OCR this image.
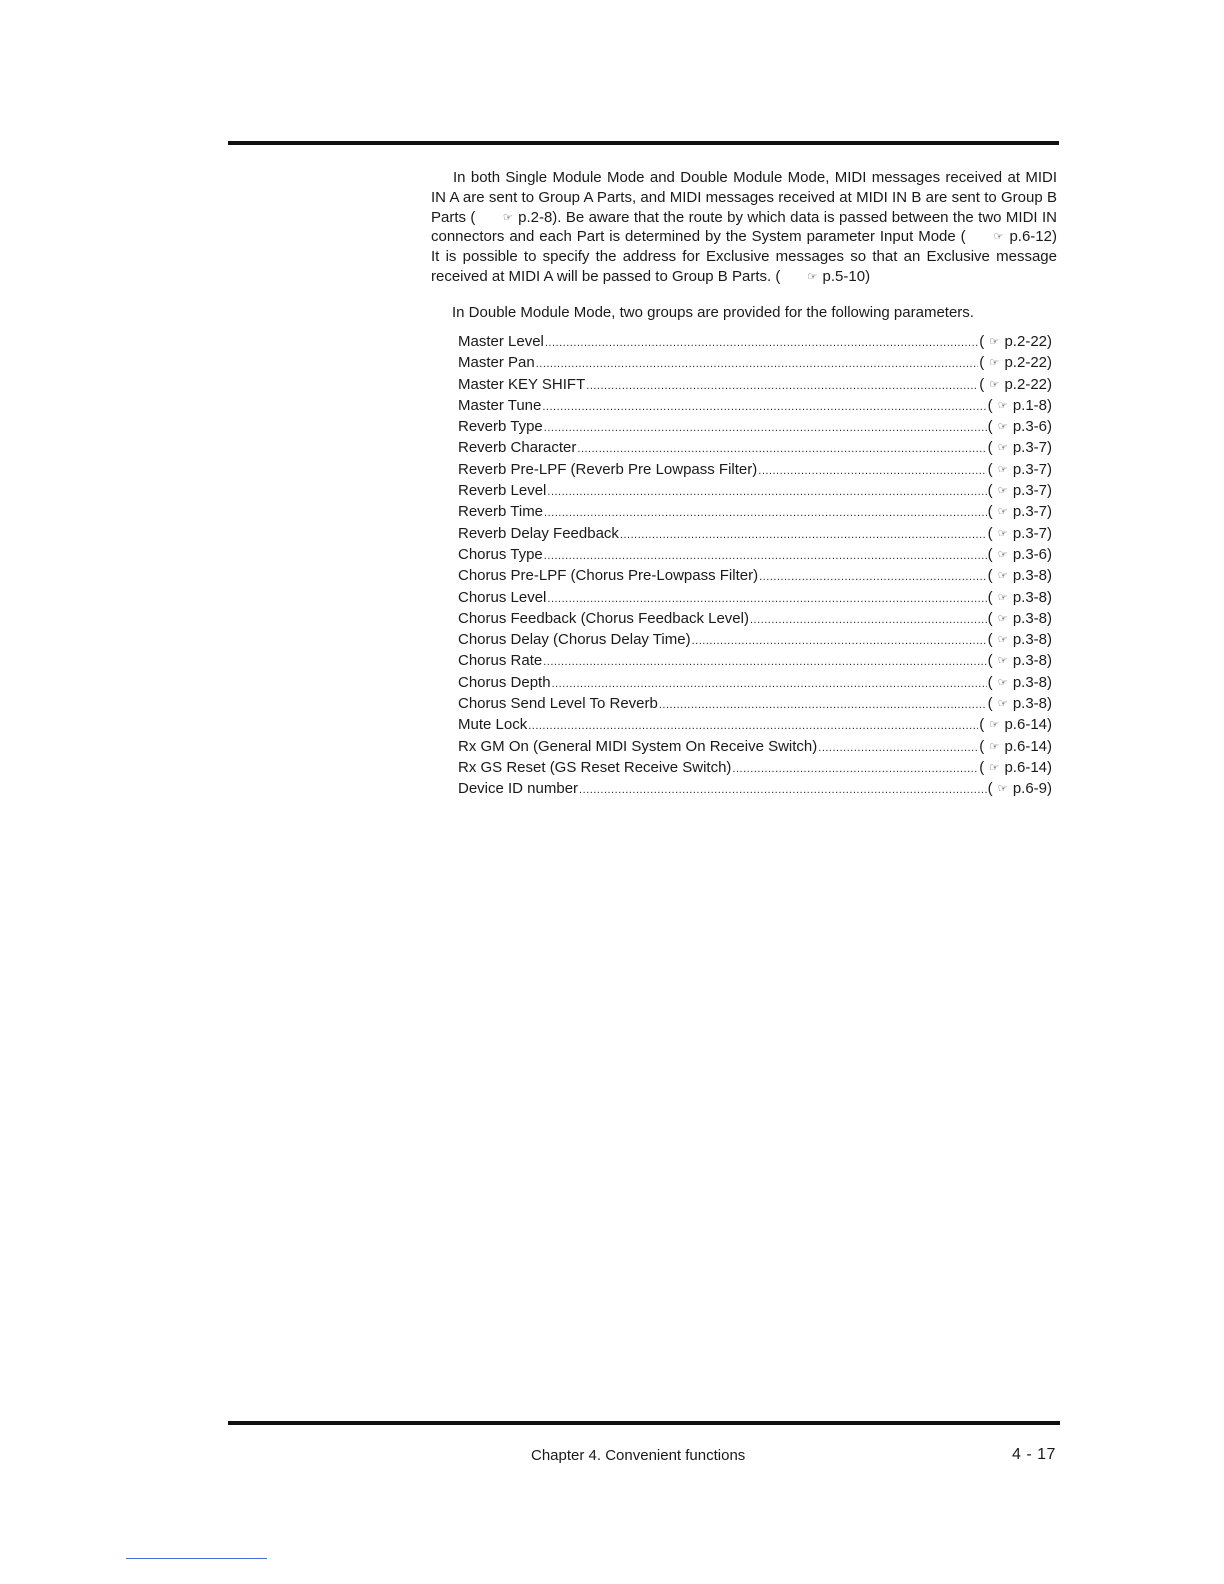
In both Single Module Mode and Double Module Mode, MIDI messages received at MIDI IN A are sent to Group A Parts, and MIDI messages received at MIDI IN B are sent to Group B Parts ( ☞ p.2-8). Be aware that the route by which data is passed between the two MIDI IN connectors and each Part is determined by the System parameter Input Mode ( ☞ p.6-12) It is possible to specify the address for Exclusive messages so that an Exclusive message received at MIDI A will be passed to Group B Parts. ( ☞ p.5-10)

In Double Module Mode, two groups are provided for the following parameters.

Master Level .....	( ☞ p.2-22)
Master Pan .....	( ☞ p.2-22)
Master KEY SHIFT .....	( ☞ p.2-22)
Master Tune .....	( ☞ p.1-8)
Reverb Type .....	( ☞ p.3-6)
Reverb Character .....	( ☞ p.3-7)
Reverb Pre-LPF (Reverb Pre Lowpass Filter) .....	( ☞ p.3-7)
Reverb Level .....	( ☞ p.3-7)
Reverb Time .....	( ☞ p.3-7)
Reverb Delay Feedback .....	( ☞ p.3-7)
Chorus Type .....	( ☞ p.3-6)
Chorus Pre-LPF (Chorus Pre-Lowpass Filter) .....	( ☞ p.3-8)
Chorus Level .....	( ☞ p.3-8)
Chorus Feedback (Chorus Feedback Level) .....	( ☞ p.3-8)
Chorus Delay (Chorus Delay Time) .....	( ☞ p.3-8)
Chorus Rate .....	( ☞ p.3-8)
Chorus Depth .....	( ☞ p.3-8)
Chorus Send Level To Reverb .....	( ☞ p.3-8)
Mute Lock .....	( ☞ p.6-14)
Rx GM On (General MIDI System On Receive Switch) .....	( ☞ p.6-14)
Rx GS Reset (GS Reset Receive Switch) .....	( ☞ p.6-14)
Device ID number .....	( ☞ p.6-9)
Chapter 4. Convenient functions	4 - 17
